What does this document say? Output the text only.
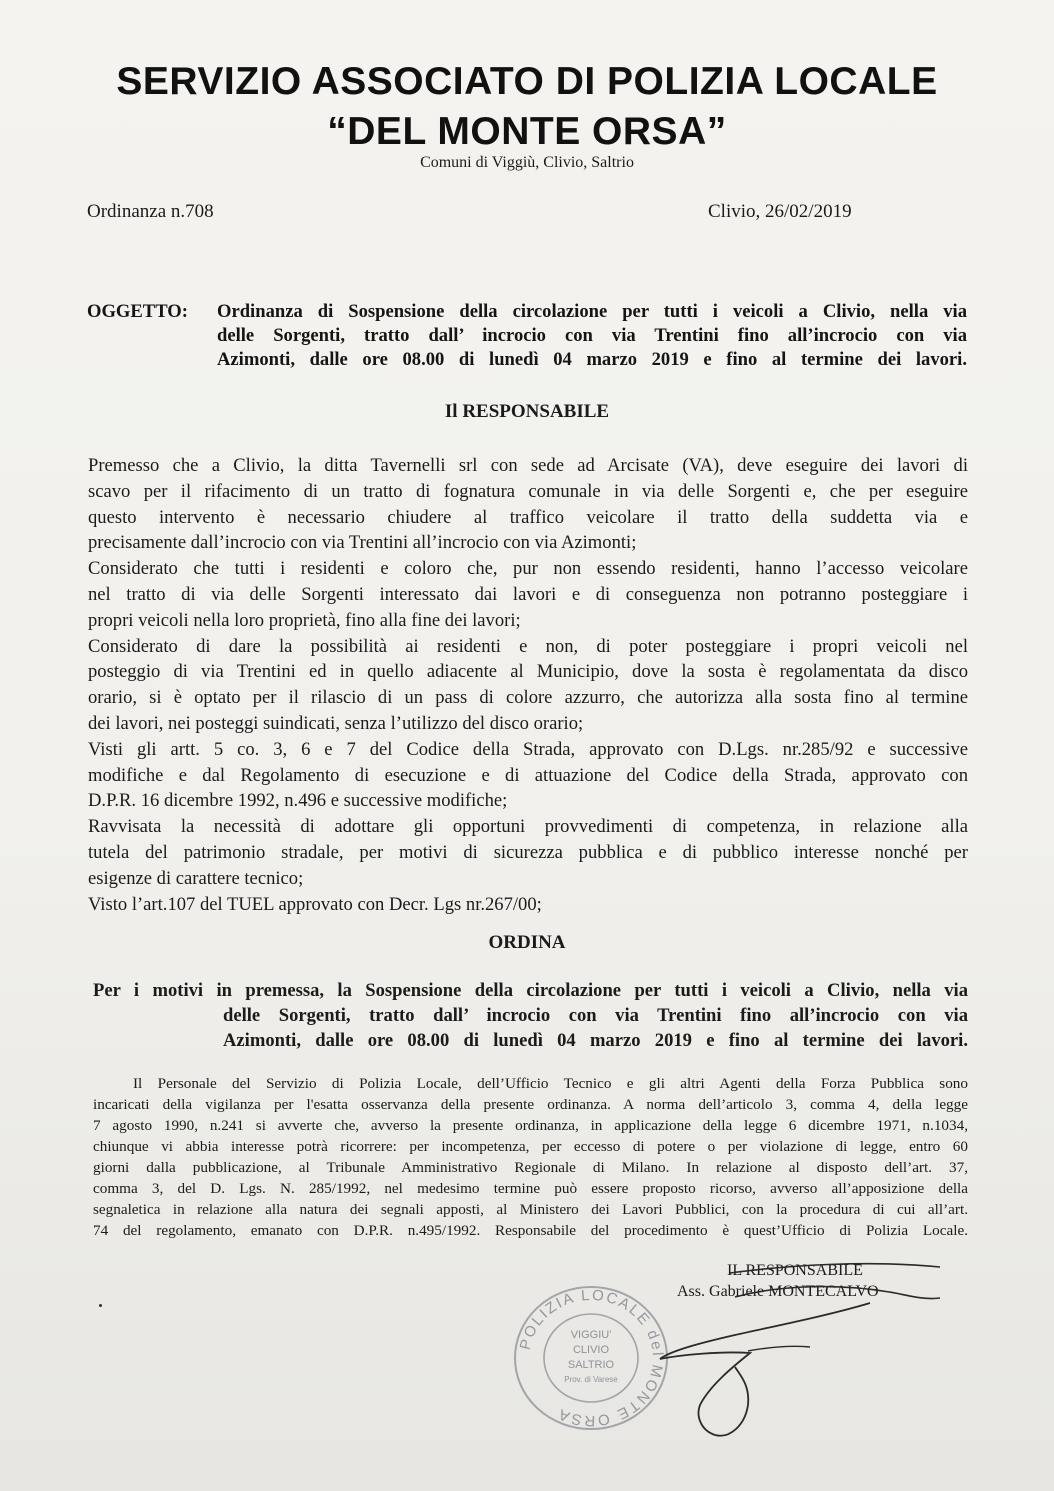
SERVIZIO ASSOCIATO DI POLIZIA LOCALE
“DEL MONTE ORSA”
Comuni di Viggiù, Clivio, Saltrio
Ordinanza n.708	Clivio, 26/02/2019
OGGETTO: Ordinanza di Sospensione della circolazione per tutti i veicoli a Clivio, nella via
delle Sorgenti, tratto dall’ incrocio con via Trentini fino all’incrocio con via
Azimonti, dalle ore 08.00 di lunedì 04 marzo 2019 e fino al termine dei lavori.
Il RESPONSABILE
Premesso che a Clivio, la ditta Tavernelli srl con sede ad Arcisate (VA), deve eseguire dei lavori di
scavo per il rifacimento di un tratto di fognatura comunale in via delle Sorgenti e, che per eseguire
questo intervento è necessario chiudere al traffico veicolare il tratto della suddetta via e
precisamente dall’incrocio con via Trentini all’incrocio con via Azimonti;
Considerato che tutti i residenti e coloro che, pur non essendo residenti, hanno l’accesso veicolare
nel tratto di via delle Sorgenti interessato dai lavori e di conseguenza non potranno posteggiare i
propri veicoli nella loro proprietà, fino alla fine dei lavori;
Considerato di dare la possibilità ai residenti e non, di poter posteggiare i propri veicoli nel
posteggio di via Trentini ed in quello adiacente al Municipio, dove la sosta è regolamentata da disco
orario, si è optato per il rilascio di un pass di colore azzurro, che autorizza alla sosta fino al termine
dei lavori, nei posteggi suindicati, senza l’utilizzo del disco orario;
Visti gli artt. 5 co. 3, 6 e 7 del Codice della Strada, approvato con D.Lgs. nr.285/92 e successive
modifiche e dal Regolamento di esecuzione e di attuazione del Codice della Strada, approvato con
D.P.R. 16 dicembre 1992, n.496 e successive modifiche;
Ravvisata la necessità di adottare gli opportuni provvedimenti di competenza, in relazione alla
tutela del patrimonio stradale, per motivi di sicurezza pubblica e di pubblico interesse nonché per
esigenze di carattere tecnico;
Visto l’art.107 del TUEL approvato con Decr. Lgs nr.267/00;
ORDINA
Per i motivi in premessa, la Sospensione della circolazione per tutti i veicoli a Clivio, nella via
delle Sorgenti, tratto dall’ incrocio con via Trentini fino all’incrocio con via
Azimonti, dalle ore 08.00 di lunedì 04 marzo 2019 e fino al termine dei lavori.
Il Personale del Servizio di Polizia Locale, dell’Ufficio Tecnico e gli altri Agenti della Forza Pubblica sono
incaricati della vigilanza per l'esatta osservanza della presente ordinanza. A norma dell’articolo 3, comma 4, della legge
7 agosto 1990, n.241 si avverte che, avverso la presente ordinanza, in applicazione della legge 6 dicembre 1971, n.1034,
chiunque vi abbia interesse potrà ricorrere: per incompetenza, per eccesso di potere o per violazione di legge, entro 60
giorni dalla pubblicazione, al Tribunale Amministrativo Regionale di Milano. In relazione al disposto dell’art. 37,
comma 3, del D. Lgs. N. 285/1992, nel medesimo termine può essere proposto ricorso, avverso all’apposizione della
segnaletica in relazione alla natura dei segnali apposti, al Ministero dei Lavori Pubblici, con la procedura di cui all’art.
74 del regolamento, emanato con D.P.R. n.495/1992. Responsabile del procedimento è quest’Ufficio di Polizia Locale.
IL RESPONSABILE
Ass. Gabriele MONTECALVO
POLIZIA LOCALE del MONTE ORSA
VIGGIU'
CLIVIO
SALTRIO
Prov. di Varese
